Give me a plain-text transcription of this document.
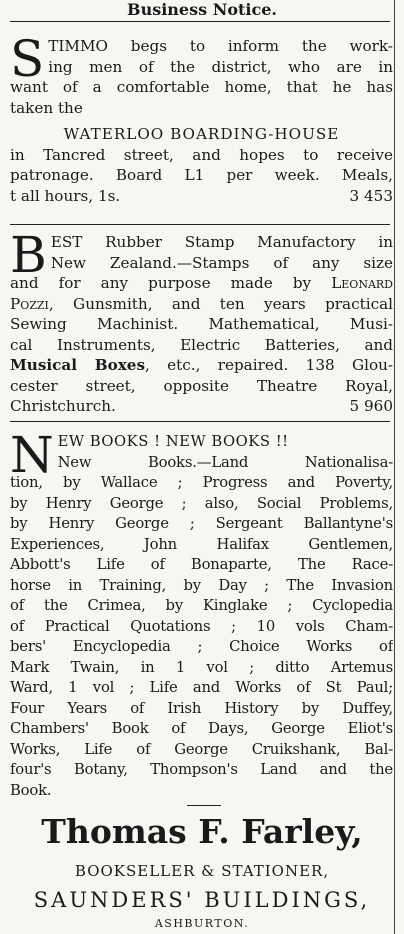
Business Notice.
S TIMMO begs to inform the work-
ing men of the district, who are in
want of a comfortable home, that he has
taken the
WATERLOO BOARDING-HOUSE
in Tancred street, and hopes to receive
patronage. Board L1 per week. Meals,
t all hours, 1s.	3 453
B EST Rubber Stamp Manufactory in
New Zealand.—Stamps of any size
and for any purpose made by Leonard
Pozzi, Gunsmith, and ten years practical
Sewing Machinist. Mathematical, Musi-
cal Instruments, Electric Batteries, and
Musical Boxes, etc., repaired. 138 Glou-
cester street, opposite Theatre Royal,
Christchurch.	5 960
N EW BOOKS ! NEW BOOKS !!
New Books.—Land Nationalisa-
tion, by Wallace ; Progress and Poverty,
by Henry George ; also, Social Problems,
by Henry George ; Sergeant Ballantyne's
Experiences, John Halifax Gentlemen,
Abbott's Life of Bonaparte, The Race-
horse in Training, by Day ; The Invasion
of the Crimea, by Kinglake ; Cyclopedia
of Practical Quotations ; 10 vols Cham-
bers' Encyclopedia ; Choice Works of
Mark Twain, in 1 vol ; ditto Artemus
Ward, 1 vol ; Life and Works of St Paul;
Four Years of Irish History by Duffey,
Chambers' Book of Days, George Eliot's
Works, Life of George Cruikshank, Bal-
four's Botany, Thompson's Land and the
Book.
Thomas F. Farley,
BOOKSELLER & STATIONER,
SAUNDERS' BUILDINGS,
ASHBURTON.
